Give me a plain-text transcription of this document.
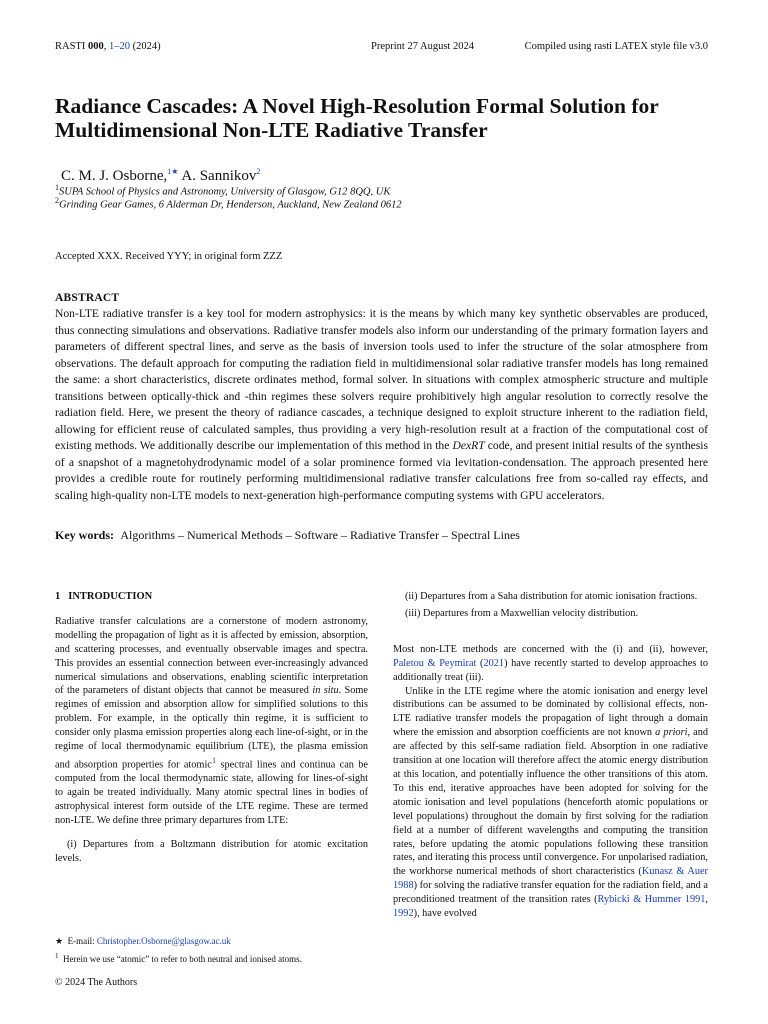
RASTI 000, 1–20 (2024)	Preprint 27 August 2024	Compiled using rasti LATEX style file v3.0
Radiance Cascades: A Novel High-Resolution Formal Solution for Multidimensional Non-LTE Radiative Transfer
C. M. J. Osborne,$^{1★}$ A. Sannikov$^2$
$^1$SUPA School of Physics and Astronomy, University of Glasgow, G12 8QQ, UK
$^2$Grinding Gear Games, 6 Alderman Dr, Henderson, Auckland, New Zealand 0612
Accepted XXX. Received YYY; in original form ZZZ
ABSTRACT

Non-LTE radiative transfer is a key tool for modern astrophysics: it is the means by which many key synthetic observables are produced, thus connecting simulations and observations. Radiative transfer models also inform our understanding of the primary formation layers and parameters of different spectral lines, and serve as the basis of inversion tools used to infer the structure of the solar atmosphere from observations. The default approach for computing the radiation field in multidimensional solar radiative transfer models has long remained the same: a short characteristics, discrete ordinates method, formal solver. In situations with complex atmospheric structure and multiple transitions between optically-thick and -thin regimes these solvers require prohibitively high angular resolution to correctly resolve the radiation field. Here, we present the theory of radiance cascades, a technique designed to exploit structure inherent to the radiation field, allowing for efficient reuse of calculated samples, thus providing a very high-resolution result at a fraction of the computational cost of existing methods. We additionally describe our implementation of this method in the DexRT code, and present initial results of the synthesis of a snapshot of a magnetohydrodynamic model of a solar prominence formed via levitation-condensation. The approach presented here provides a credible route for routinely performing multidimensional radiative transfer calculations free from so-called ray effects, and scaling high-quality non-LTE models to next-generation high-performance computing systems with GPU accelerators.

Key words: Algorithms – Numerical Methods – Software – Radiative Transfer – Spectral Lines
1 INTRODUCTION

Radiative transfer calculations are a cornerstone of modern astronomy, modelling the propagation of light as it is affected by emission, absorption, and scattering processes, and eventually observable images and spectra. This provides an essential connection between ever-increasingly advanced numerical simulations and observations, enabling scientific interpretation of the parameters of distant objects that cannot be measured in situ. Some regimes of emission and absorption allow for simplified solutions to this problem. For example, in the optically thin regime, it is sufficient to consider only plasma emission properties along each line-of-sight, or in the regime of local thermodynamic equilibrium (LTE), the plasma emission and absorption properties for atomic$^1$ spectral lines and continua can be computed from the local thermodynamic state, allowing for lines-of-sight to again be treated individually. Many atomic spectral lines in bodies of astrophysical interest form outside of the LTE regime. These are termed non-LTE. We define three primary departures from LTE:

(i) Departures from a Boltzmann distribution for atomic excitation levels.

(ii) Departures from a Saha distribution for atomic ionisation fractions.

(iii) Departures from a Maxwellian velocity distribution.

Most non-LTE methods are concerned with the (i) and (ii), however, Paletou & Peymirat (2021) have recently started to develop approaches to additionally treat (iii).

Unlike in the LTE regime where the atomic ionisation and energy level distributions can be assumed to be dominated by collisional effects, non-LTE radiative transfer models the propagation of light through a domain where the emission and absorption coefficients are not known a priori, and are affected by this self-same radiation field. Absorption in one radiative transition at one location will therefore affect the atomic energy distribution at this location, and potentially influence the other transitions of this atom. To this end, iterative approaches have been adopted for solving for the atomic ionisation and level populations (henceforth atomic populations or level populations) throughout the domain by first solving for the radiation field at a number of different wavelengths and computing the transition rates, before updating the atomic populations following these transition rates, and iterating this process until convergence. For unpolarised radiation, the workhorse numerical methods of short characteristics (Kunasz & Auer 1988) for solving the radiative transfer equation for the radiation field, and a preconditioned treatment of the transition rates (Rybicki & Hummer 1991, 1992), have evolved

★ E-mail: Christopher.Osborne@glasgow.ac.uk
$^1$ Herein we use “atomic” to refer to both neutral and ionised atoms.
© 2024 The Authors
